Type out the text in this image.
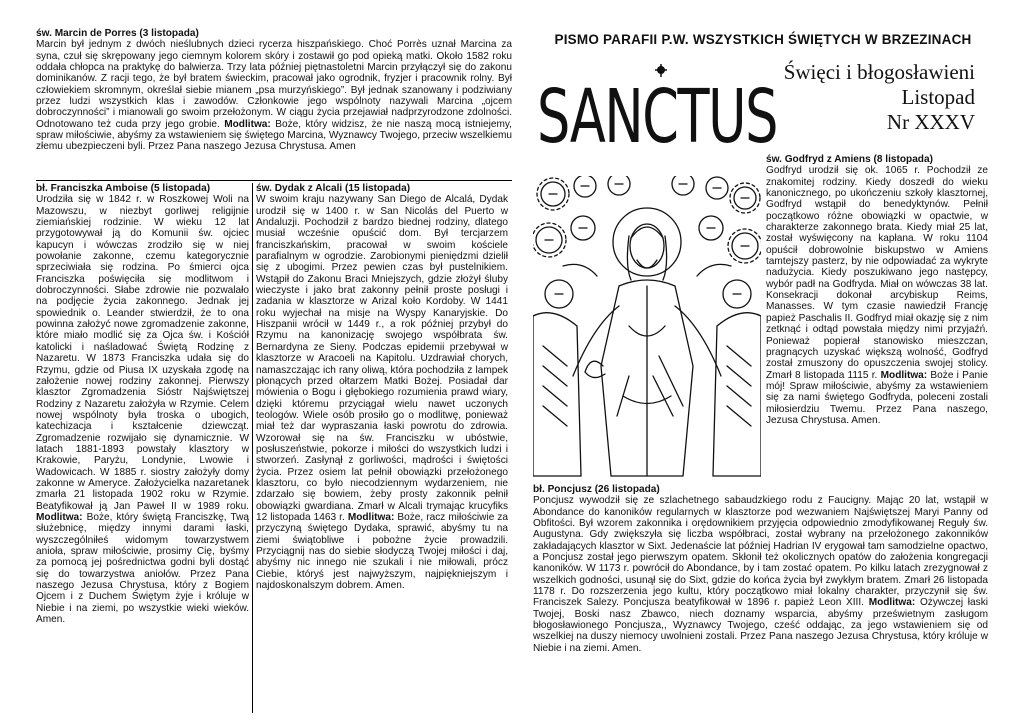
św. Marcin de Porres (3 listopada)

Marcin był jednym z dwóch nieślubnych dzieci rycerza hiszpańskiego. Choć Porrès uznał Marcina za syna, czuł się skrępowany jego ciemnym kolorem skóry i zostawił go pod opieką matki. Około 1582 roku oddała chłopca na praktykę do balwierza. Trzy lata później piętnastoletni Marcin przyłączył się do zakonu dominikanów. Z racji tego, że był bratem świeckim, pracował jako ogrodnik, fryzjer i pracownik rolny. Był człowiekiem skromnym, określał siebie mianem „psa murzyńskiego”. Był jednak szanowany i podziwiany przez ludzi wszystkich klas i zawodów. Członkowie jego wspólnoty nazywali Marcina „ojcem dobroczynności” i mianowali go swoim przełożonym. W ciągu życia przejawiał nadprzyrodzone zdolności. Odnotowano też cuda przy jego grobie. Modlitwa: Boże, który widzisz, że nie naszą mocą istniejemy, spraw miłościwie, abyśmy za wstawieniem się świętego Marcina, Wyznawcy Twojego, przeciw wszelkiemu złemu ubezpieczeni byli. Przez Pana naszego Jezusa Chrystusa. Amen

bł. Franciszka Amboise (5 listopada)

Urodziła się w 1842 r. w Roszkowej Woli na Mazowszu, w niezbyt gorliwej religijnie ziemiańskiej rodzinie. W wieku 12 lat przygotowywał ją do Komunii św. ojciec kapucyn i wówczas zrodziło się w niej powołanie zakonne, czemu kategorycznie sprzeciwiała się rodzina. Po śmierci ojca Franciszka poświęciła się modlitwom i dobroczynności. Słabe zdrowie nie pozwalało na podjęcie życia zakonnego. Jednak jej spowiednik o. Leander stwierdził, że to ona powinna założyć nowe zgromadzenie zakonne, które miało modlić się za Ojca św. i Kościół katolicki i naśladować Świętą Rodzinę z Nazaretu. W 1873 Franciszka udała się do Rzymu, gdzie od Piusa IX uzyskała zgodę na założenie nowej rodziny zakonnej. Pierwszy klasztor Zgromadzenia Sióstr Najświętszej Rodziny z Nazaretu założyła w Rzymie. Celem nowej wspólnoty była troska o ubogich, katechizacja i kształcenie dziewcząt. Zgromadzenie rozwijało się dynamicznie. W latach 1881-1893 powstały klasztory w Krakowie, Paryżu, Londynie, Lwowie i Wadowicach. W 1885 r. siostry założyły domy zakonne w Ameryce. Założycielka nazaretanek zmarła 21 listopada 1902 roku w Rzymie. Beatyfikował ją Jan Paweł II w 1989 roku. Modlitwa: Boże, który świętą Franciszkę, Twą służebnicę, między innymi darami łaski, wyszczególniłeś widomym towarzystwem anioła, spraw miłościwie, prosimy Cię, byśmy za pomocą jej pośrednictwa godni byli dostąć się do towarzystwa aniołów. Przez Pana naszego Jezusa Chrystusa, który z Bogiem Ojcem i z Duchem Świętym żyje i króluje w Niebie i na ziemi, po wszystkie wieki wieków. Amen.

św. Dydak z Alcali (15 listopada)

W swoim kraju nazywany San Diego de Alcalá, Dydak urodził się w 1400 r. w San Nicolás del Puerto w Andaluzji. Pochodził z bardzo biednej rodziny, dlatego musiał wcześnie opuścić dom. Był tercjarzem franciszkańskim, pracował w swoim kościele parafialnym w ogrodzie. Zarobionymi pieniędzmi dzielił się z ubogimi. Przez pewien czas był pustelnikiem. Wstąpił do Zakonu Braci Mniejszych, gdzie złożył śluby wieczyste i jako brat zakonny pełnił proste posługi i zadania w klasztorze w Arizal koło Kordoby. W 1441 roku wyjechał na misje na Wyspy Kanaryjskie. Do Hiszpanii wrócił w 1449 r., a rok później przybył do Rzymu na kanonizację swojego współbrata św. Bernardyna ze Sieny. Podczas epidemii przebywał w klasztorze w Aracoeli na Kapitolu. Uzdrawiał chorych, namaszczając ich rany oliwą, która pochodziła z lampek płonących przed ołtarzem Matki Bożej. Posiadał dar mówienia o Bogu i głębokiego rozumienia prawd wiary, dzięki któremu przyciągał wielu nawet uczonych teologów. Wiele osób prosiło go o modlitwę, ponieważ miał też dar wypraszania łaski powrotu do zdrowia. Wzorował się na św. Franciszku w ubóstwie, posłuszeństwie, pokorze i miłości do wszystkich ludzi i stworzeń. Zasłynął z gorliwości, mądrości i świętości życia. Przez osiem lat pełnił obowiązki przełożonego klasztoru, co było niecodziennym wydarzeniem, nie zdarzało się bowiem, żeby prosty zakonnik pełnił obowiązki gwardiana. Zmarł w Alcali trymając krucyfiks 12 listopada 1463 r. Modlitwa: Boże, racz miłościwie za przyczyną świętego Dydaka, sprawić, abyśmy tu na ziemi świątobliwe i pobożne życie prowadzili. Przyciągnij nas do siebie słodyczą Twojej miłości i daj, abyśmy nic innego nie szukali i nie miłowali, prócz Ciebie, któryś jest najwyższym, najpiękniejszym i najdoskonalszym dobrem. Amen.

PISMO PARAFII P.W. WSZYSTKICH ŚWIĘTYCH W BRZEZINACH
SANCTUS
Święci i błogosławieni
Listopad
Nr XXXV
św. Godfryd z Amiens (8 listopada)

Godfryd urodził się ok. 1065 r. Pochodził ze znakomitej rodziny. Kiedy doszedł do wieku kanonicznego, po ukończeniu szkoły klasztornej, Godfryd wstąpił do benedyktynów. Pełnił początkowo różne obowiązki w opactwie, w charakterze zakonnego brata. Kiedy miał 25 lat, został wyświęcony na kapłana. W roku 1104 opuścił dobrowolnie biskupstwo w Amiens tamtejszy pasterz, by nie odpowiadać za wykryte nadużycia. Kiedy poszukiwano jego następcy, wybór padł na Godfryda. Miał on wówczas 38 lat. Konsekracji dokonał arcybiskup Reims, Manasses. W tym czasie nawiedził Francję papież Paschalis II. Godfryd miał okazję się z nim zetknąć i odtąd powstała między nimi przyjaźń. Ponieważ popierał stanowisko mieszczan, pragnących uzyskać większą wolność, Godfryd został zmuszony do opuszczenia swojej stolicy. Zmarł 8 listopada 1115 r. Modlitwa: Boże i Panie mój! Spraw miłościwie, abyśmy za wstawieniem się za nami świętego Godfryda, poleceni zostali miłosierdziu Twemu. Przez Pana naszego, Jezusa Chrystusa. Amen.

bł. Poncjusz (26 listopada)

Poncjusz wywodził się ze szlachetnego sabaudzkiego rodu z Faucigny. Mając 20 lat, wstąpił w Abondance do kanoników regularnych w klasztorze pod wezwaniem Najświętszej Maryi Panny od Obfitości. Był wzorem zakonnika i orędownikiem przyjęcia odpowiednio zmodyfikowanej Reguły św. Augustyna. Gdy zwiększyła się liczba współbraci, został wybrany na przełożonego zakonników zakładających klasztor w Sixt. Jedenaście lat później Hadrian IV erygował tam samodzielne opactwo, a Poncjusz został jego pierwszym opatem. Skłonił też okolicznych opatów do założenia kongregacji kanoników. W 1173 r. powrócił do Abondance, by i tam zostać opatem. Po kilku latach zrezygnował z wszelkich godności, usunął się do Sixt, gdzie do końca życia był zwykłym bratem. Zmarł 26 listopada 1178 r. Do rozszerzenia jego kultu, który początkowo miał lokalny charakter, przyczynił się św. Franciszek Salezy. Poncjusza beatyfikował w 1896 r. papież Leon XIII. Modlitwa: Ożywczej łaski Twojej, Boski nasz Zbawco, niech doznamy wsparcia, abyśmy prześwietnym zasługom błogosławionego Poncjusza,, Wyznawcy Twojego, cześć oddając, za jego wstawieniem się od wszelkiej na duszy niemocy uwolnieni zostali. Przez Pana naszego Jezusa Chrystusa, który króluje w Niebie i na ziemi. Amen.
